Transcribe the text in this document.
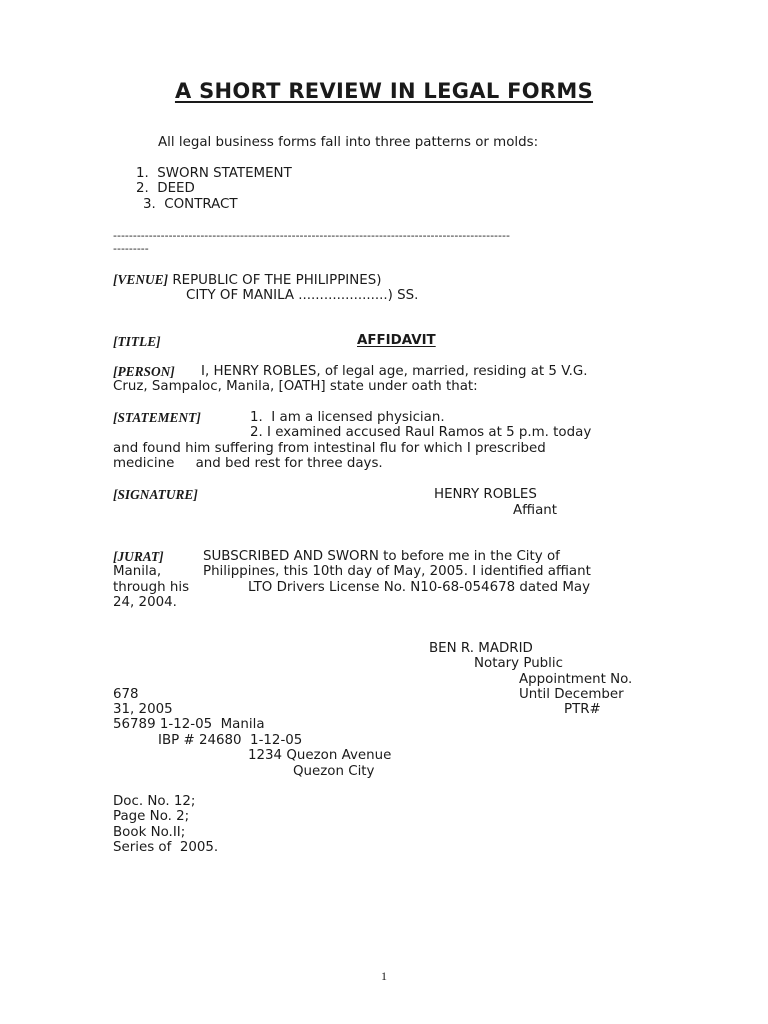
A SHORT REVIEW IN LEGAL FORMS
All legal business forms fall into three patterns or molds:
1.  SWORN STATEMENT
2.  DEED
3.  CONTRACT
----------------------------------------------------------------------------------------------------
---------
[VENUE] REPUBLIC OF THE PHILIPPINES)
CITY OF MANILA .....................) SS.
[TITLE]	AFFIDAVIT
[PERSON] I, HENRY ROBLES, of legal age, married, residing at 5 V.G.
Cruz, Sampaloc, Manila, [OATH] state under oath that:
[STATEMENT]	1.  I am a licensed physician.
2. I examined accused Raul Ramos at 5 p.m. today
and found him suffering from intestinal flu for which I prescribed
medicine     and bed rest for three days.
[SIGNATURE]	HENRY ROBLES
Affiant
[JURAT]	SUBSCRIBED AND SWORN to before me in the City of
Manila,	Philippines, this 10th day of May, 2005. I identified affiant
through his	LTO Drivers License No. N10-68-054678 dated May
24, 2004.
BEN R. MADRID
Notary Public
Appointment No.
678	Until December
31, 2005	PTR#
56789 1-12-05  Manila
IBP # 24680  1-12-05
1234 Quezon Avenue
Quezon City
Doc. No. 12;
Page No. 2;
Book No.II;
Series of  2005.
1
